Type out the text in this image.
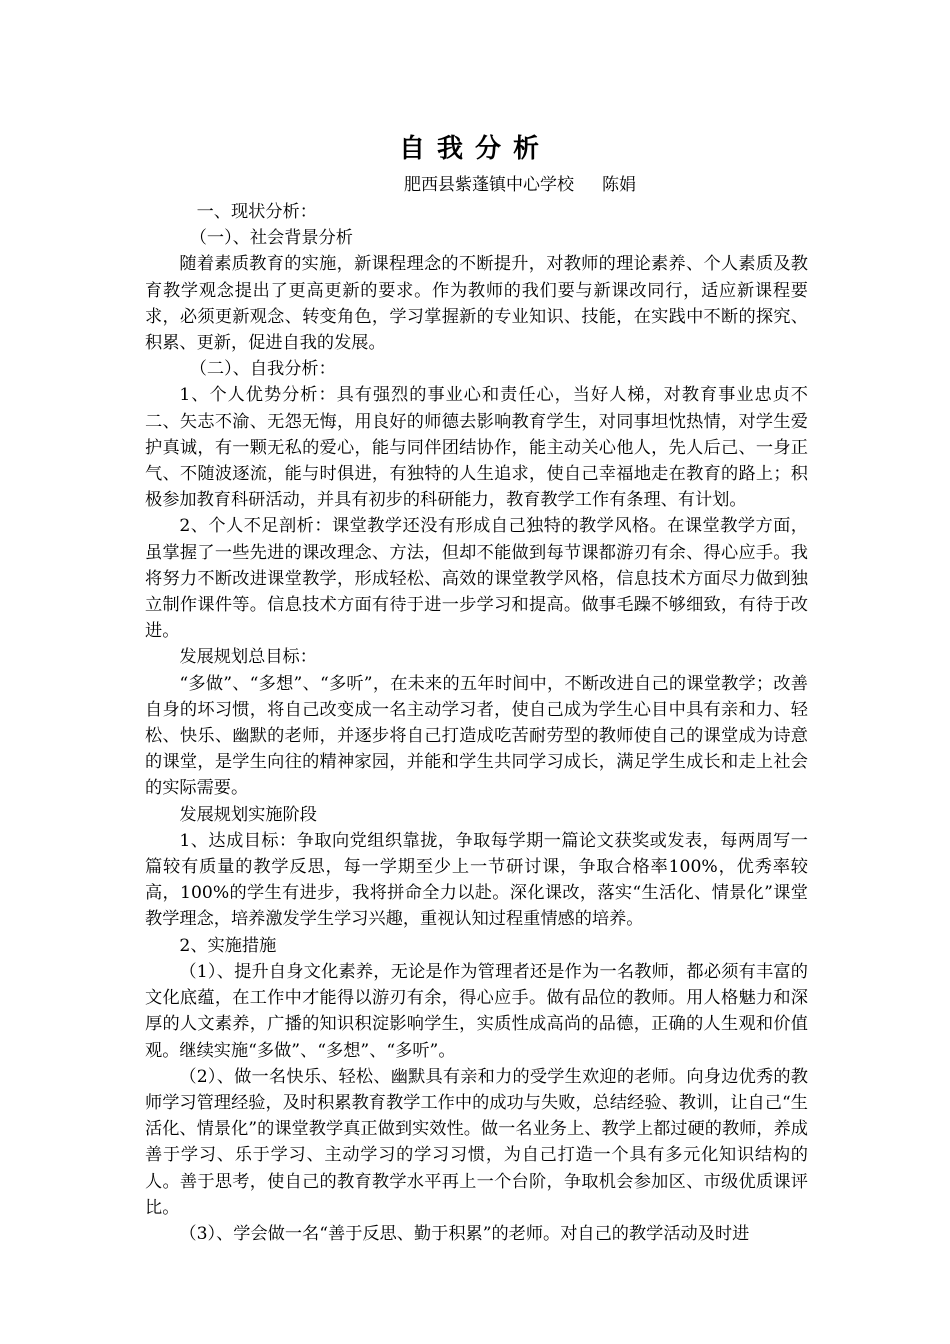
自我分析
肥西县紫蓬镇中心学校 陈娟

一、现状分析：

（一）、社会背景分析

随着素质教育的实施，新课程理念的不断提升，对教师的理论素养、个人素质及教育教学观念提出了更高更新的要求。作为教师的我们要与新课改同行，适应新课程要求，必须更新观念、转变角色，学习掌握新的专业知识、技能，在实践中不断的探究、积累、更新，促进自我的发展。

（二）、自我分析：

1、个人优势分析：具有强烈的事业心和责任心，当好人梯，对教育事业忠贞不二、矢志不渝、无怨无悔，用良好的师德去影响教育学生，对同事坦忱热情，对学生爱护真诚，有一颗无私的爱心，能与同伴团结协作，能主动关心他人，先人后己、一身正气、不随波逐流，能与时俱进，有独特的人生追求，使自己幸福地走在教育的路上；积极参加教育科研活动，并具有初步的科研能力，教育教学工作有条理、有计划。

2、个人不足剖析：课堂教学还没有形成自己独特的教学风格。在课堂教学方面，虽掌握了一些先进的课改理念、方法，但却不能做到每节课都游刃有余、得心应手。我将努力不断改进课堂教学，形成轻松、高效的课堂教学风格，信息技术方面尽力做到独立制作课件等。信息技术方面有待于进一步学习和提高。做事毛躁不够细致，有待于改进。

发展规划总目标：

“多做”、“多想”、“多听”，在未来的五年时间中，不断改进自己的课堂教学；改善自身的坏习惯，将自己改变成一名主动学习者，使自己成为学生心目中具有亲和力、轻松、快乐、幽默的老师，并逐步将自己打造成吃苦耐劳型的教师使自己的课堂成为诗意的课堂，是学生向往的精神家园，并能和学生共同学习成长，满足学生成长和走上社会的实际需要。

发展规划实施阶段

1、达成目标：争取向党组织靠拢，争取每学期一篇论文获奖或发表，每两周写一篇较有质量的教学反思，每一学期至少上一节研讨课，争取合格率100%，优秀率较高，100%的学生有进步，我将拼命全力以赴。深化课改，落实“生活化、情景化”课堂教学理念，培养激发学生学习兴趣，重视认知过程重情感的培养。

2、实施措施

（1）、提升自身文化素养，无论是作为管理者还是作为一名教师，都必须有丰富的文化底蕴，在工作中才能得以游刃有余，得心应手。做有品位的教师。用人格魅力和深厚的人文素养，广播的知识积淀影响学生，实质性成高尚的品德，正确的人生观和价值观。继续实施“多做”、“多想”、“多听”。

（2）、做一名快乐、轻松、幽默具有亲和力的受学生欢迎的老师。向身边优秀的教师学习管理经验，及时积累教育教学工作中的成功与失败，总结经验、教训，让自己“生活化、情景化”的课堂教学真正做到实效性。做一名业务上、教学上都过硬的教师，养成善于学习、乐于学习、主动学习的学习习惯，为自己打造一个具有多元化知识结构的人。善于思考，使自己的教育教学水平再上一个台阶，争取机会参加区、市级优质课评比。

（3）、学会做一名“善于反思、勤于积累”的老师。对自己的教学活动及时进
